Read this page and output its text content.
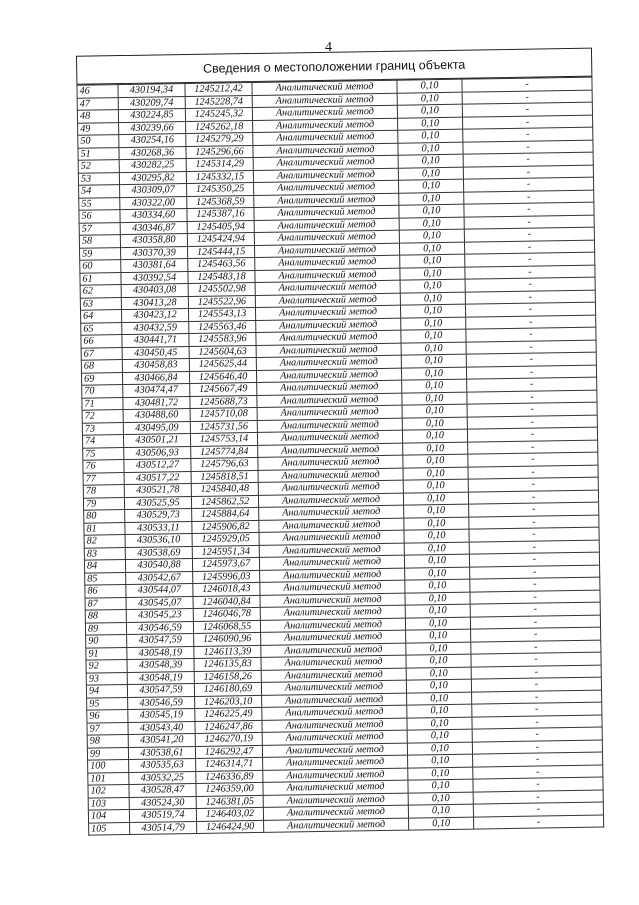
4
Сведения о местоположении границ объекта
46	430194,34	1245212,42	Аналитический метод	0,10	-
47	430209,74	1245228,74	Аналитический метод	0,10	-
48	430224,85	1245245,32	Аналитический метод	0,10	-
49	430239,66	1245262,18	Аналитический метод	0,10	-
50	430254,16	1245279,29	Аналитический метод	0,10	-
51	430268,36	1245296,66	Аналитический метод	0,10	-
52	430282,25	1245314,29	Аналитический метод	0,10	-
53	430295,82	1245332,15	Аналитический метод	0,10	-
54	430309,07	1245350,25	Аналитический метод	0,10	-
55	430322,00	1245368,59	Аналитический метод	0,10	-
56	430334,60	1245387,16	Аналитический метод	0,10	-
57	430346,87	1245405,94	Аналитический метод	0,10	-
58	430358,80	1245424,94	Аналитический метод	0,10	-
59	430370,39	1245444,15	Аналитический метод	0,10	-
60	430381,64	1245463,56	Аналитический метод	0,10	-
61	430392,54	1245483,18	Аналитический метод	0,10	-
62	430403,08	1245502,98	Аналитический метод	0,10	-
63	430413,28	1245522,96	Аналитический метод	0,10	-
64	430423,12	1245543,13	Аналитический метод	0,10	-
65	430432,59	1245563,46	Аналитический метод	0,10	-
66	430441,71	1245583,96	Аналитический метод	0,10	-
67	430450,45	1245604,63	Аналитический метод	0,10	-
68	430458,83	1245625,44	Аналитический метод	0,10	-
69	430466,84	1245646,40	Аналитический метод	0,10	-
70	430474,47	1245667,49	Аналитический метод	0,10	-
71	430481,72	1245688,73	Аналитический метод	0,10	-
72	430488,60	1245710,08	Аналитический метод	0,10	-
73	430495,09	1245731,56	Аналитический метод	0,10	-
74	430501,21	1245753,14	Аналитический метод	0,10	-
75	430506,93	1245774,84	Аналитический метод	0,10	-
76	430512,27	1245796,63	Аналитический метод	0,10	-
77	430517,22	1245818,51	Аналитический метод	0,10	-
78	430521,78	1245840,48	Аналитический метод	0,10	-
79	430525,95	1245862,52	Аналитический метод	0,10	-
80	430529,73	1245884,64	Аналитический метод	0,10	-
81	430533,11	1245906,82	Аналитический метод	0,10	-
82	430536,10	1245929,05	Аналитический метод	0,10	-
83	430538,69	1245951,34	Аналитический метод	0,10	-
84	430540,88	1245973,67	Аналитический метод	0,10	-
85	430542,67	1245996,03	Аналитический метод	0,10	-
86	430544,07	1246018,43	Аналитический метод	0,10	-
87	430545,07	1246040,84	Аналитический метод	0,10	-
88	430545,23	1246046,78	Аналитический метод	0,10	-
89	430546,59	1246068,55	Аналитический метод	0,10	-
90	430547,59	1246090,96	Аналитический метод	0,10	-
91	430548,19	1246113,39	Аналитический метод	0,10	-
92	430548,39	1246135,83	Аналитический метод	0,10	-
93	430548,19	1246158,26	Аналитический метод	0,10	-
94	430547,59	1246180,69	Аналитический метод	0,10	-
95	430546,59	1246203,10	Аналитический метод	0,10	-
96	430545,19	1246225,49	Аналитический метод	0,10	-
97	430543,40	1246247,86	Аналитический метод	0,10	-
98	430541,20	1246270,19	Аналитический метод	0,10	-
99	430538,61	1246292,47	Аналитический метод	0,10	-
100	430535,63	1246314,71	Аналитический метод	0,10	-
101	430532,25	1246336,89	Аналитический метод	0,10	-
102	430528,47	1246359,00	Аналитический метод	0,10	-
103	430524,30	1246381,05	Аналитический метод	0,10	-
104	430519,74	1246403,02	Аналитический метод	0,10	-
105	430514,79	1246424,90	Аналитический метод	0,10	-
